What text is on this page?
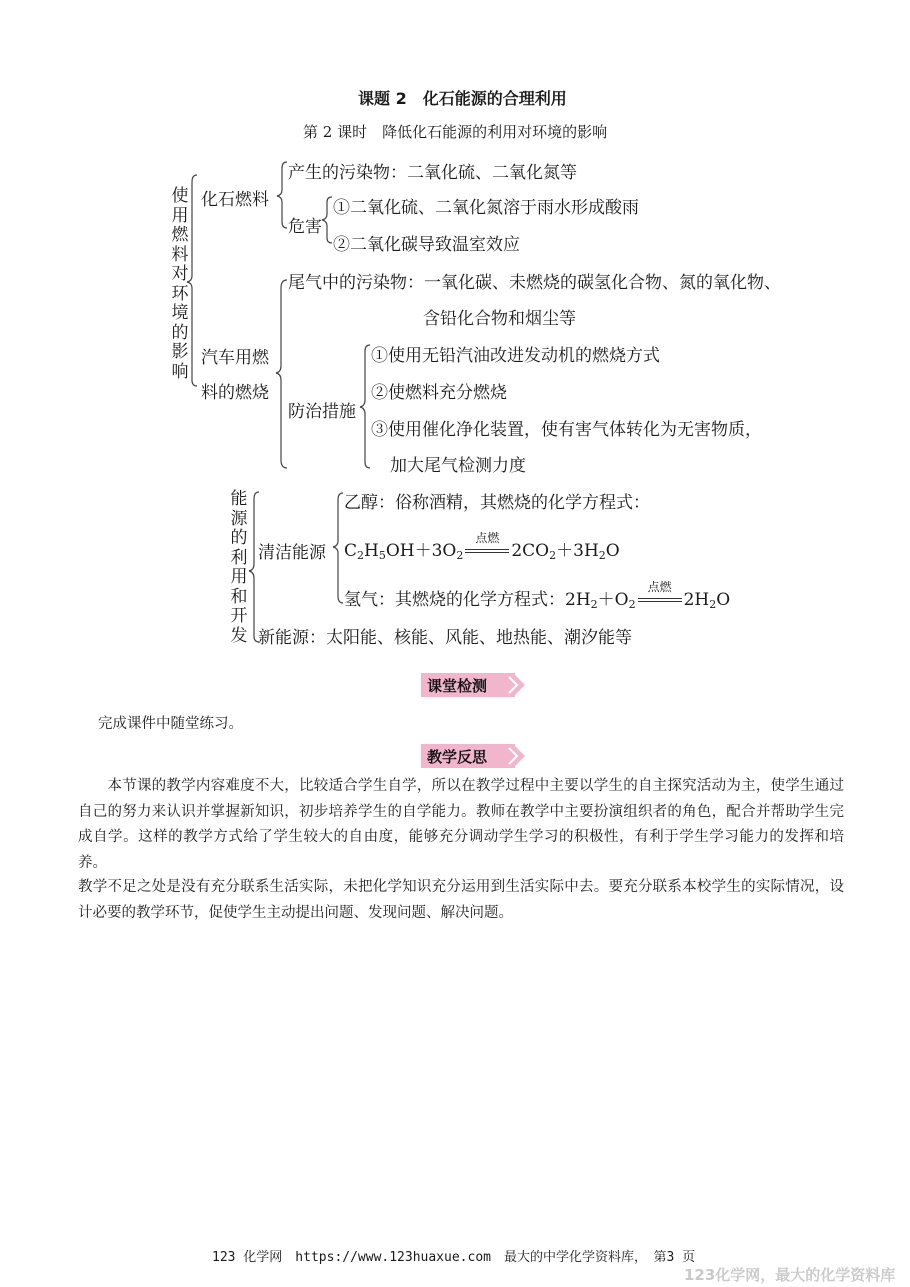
课题 2　化石能源的合理利用
第 2 课时　降低化石能源的利用对环境的影响
使用燃料对环境的影响
化石燃料
产生的污染物：二氧化硫、二氧化氮等
危害
①二氧化硫、二氧化氮溶于雨水形成酸雨
②二氧化碳导致温室效应
汽车用燃
料的燃烧
尾气中的污染物：一氧化碳、未燃烧的碳氢化合物、氮的氧化物、
含铅化合物和烟尘等
防治措施
①使用无铅汽油改进发动机的燃烧方式
②使燃料充分燃烧
③使用催化净化装置，使有害气体转化为无害物质，
加大尾气检测力度
能源的利用和开发
清洁能源
乙醇：俗称酒精，其燃烧的化学方程式：
$C_2H_5OH+3O_2$
点燃
$2CO_2+3H_2O$
氢气：其燃烧的化学方程式：$2H_2+O_2$
点燃
$2H_2O$
新能源：太阳能、核能、风能、地热能、潮汐能等
课堂检测
完成课件中随堂练习。
教学反思
　　本节课的教学内容难度不大，比较适合学生自学，所以在教学过程中主要以学生的自主探究活动为主，使学生通过自己的努力来认识并掌握新知识，初步培养学生的自学能力。教师在教学中主要扮演组织者的角色，配合并帮助学生完成自学。这样的教学方式给了学生较大的自由度，能够充分调动学生学习的积极性，有利于学生学习能力的发挥和培养。
教学不足之处是没有充分联系生活实际，未把化学知识充分运用到生活实际中去。要充分联系本校学生的实际情况，设计必要的教学环节，促使学生主动提出问题、发现问题、解决问题。
123 化学网　https://www.123huaxue.com　最大的中学化学资料库，　第3 页
123化学网，最大的化学资料库
